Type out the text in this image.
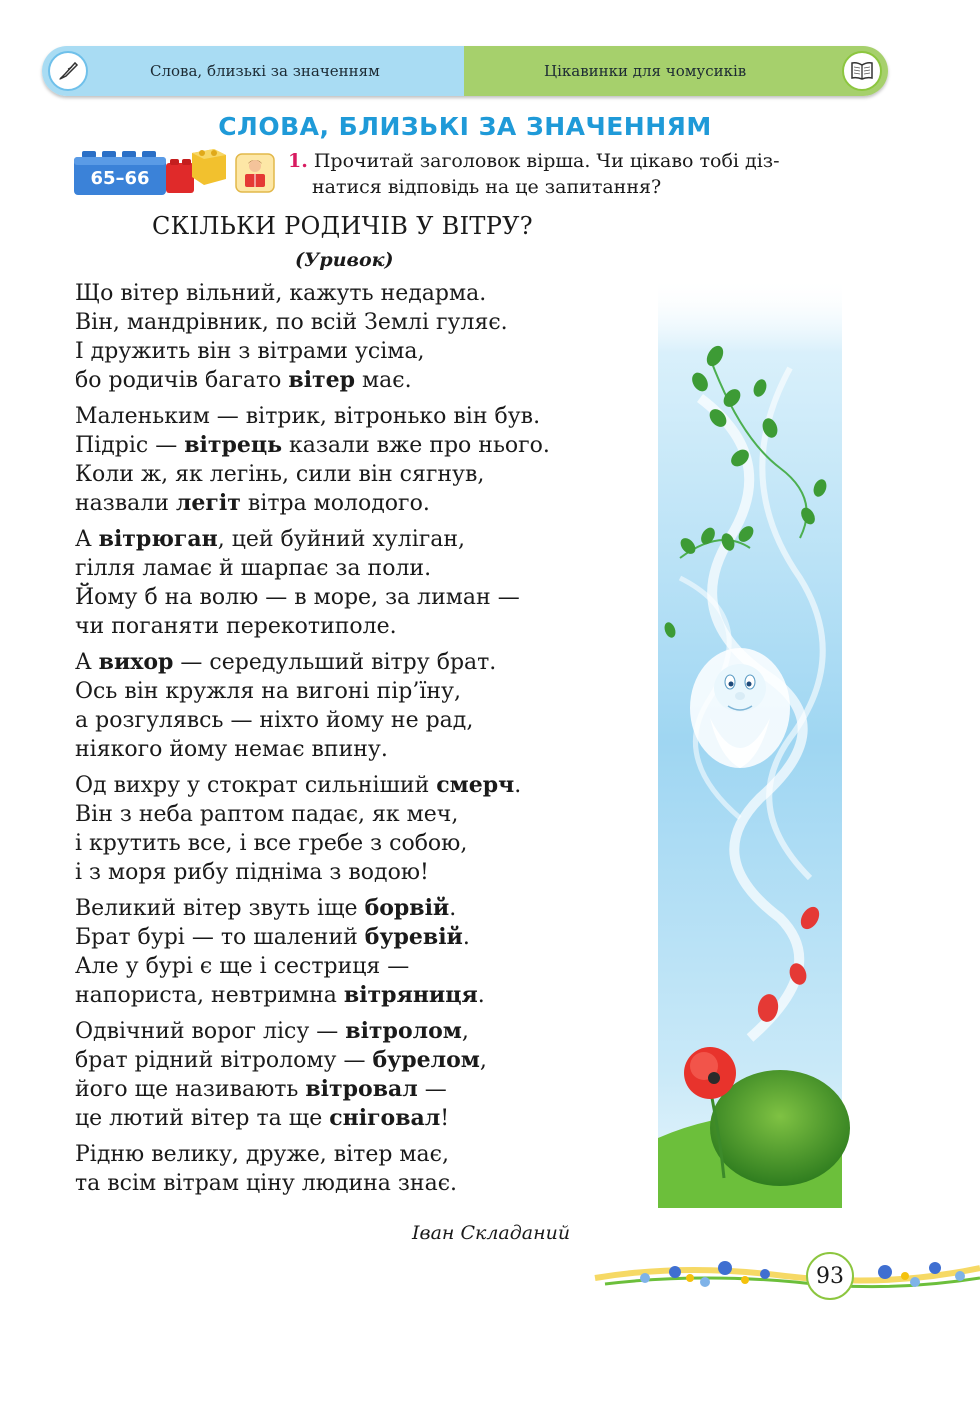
Слова, близькі за значенням	Цікавинки для чомусиків
СЛОВА, БЛИЗЬКІ ЗА ЗНАЧЕННЯМ
65–66
1. Прочитай заголовок вірша. Чи цікаво тобі діз-
натися відповідь на це запитання?
СКІЛЬКИ РОДИЧІВ У ВІТРУ?
(Уривок)
Що вітер вільний, кажуть недарма.
Він, мандрівник, по всій Землі гуляє.
І дружить він з вітрами усіма,
бо родичів багато вітер має.
Маленьким — вітрик, вітронько він був.
Підріс — вітрець казали вже про нього.
Коли ж, як легінь, сили він сягнув,
назвали легіт вітра молодого.
А вітрюган, цей буйний хуліган,
гілля ламає й шарпає за поли.
Йому б на волю — в море, за лиман —
чи поганяти перекотиполе.
А вихор — середульший вітру брат.
Ось він кружля на вигоні пір’їну,
а розгулявсь — ніхто йому не рад,
ніякого йому немає впину.
Од вихру у стократ сильніший смерч.
Він з неба раптом падає, як меч,
і крутить все, і все гребе з собою,
і з моря рибу підніма з водою!
Великий вітер звуть іще борвій.
Брат бурі — то шалений буревій.
Але у бурі є ще і сестриця —
напориста, невтримна вітряниця.
Одвічний ворог лісу — вітролом,
брат рідний вітролому — бурелом,
його ще називають вітровал —
це лютий вітер та ще сніговал!
Рідню велику, друже, вітер має,
та всім вітрам ціну людина знає.
Іван Складаний
93
